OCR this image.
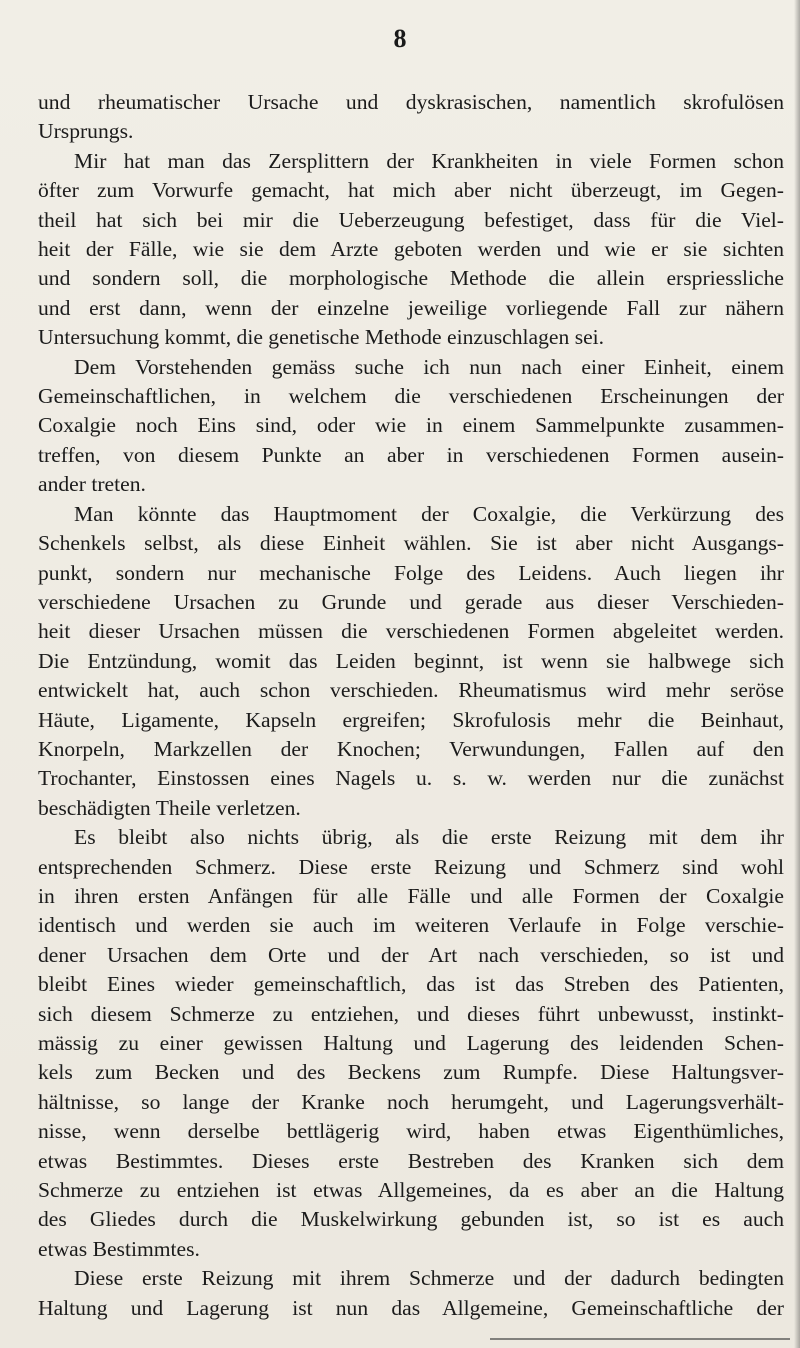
8
und rheumatischer Ursache und dyskrasischen, namentlich skrofulösen
Ursprungs.
Mir hat man das Zersplittern der Krankheiten in viele Formen schon
öfter zum Vorwurfe gemacht, hat mich aber nicht überzeugt, im Gegen-
theil hat sich bei mir die Ueberzeugung befestiget, dass für die Viel-
heit der Fälle, wie sie dem Arzte geboten werden und wie er sie sichten
und sondern soll, die morphologische Methode die allein erspriessliche
und erst dann, wenn der einzelne jeweilige vorliegende Fall zur nähern
Untersuchung kommt, die genetische Methode einzuschlagen sei.
Dem Vorstehenden gemäss suche ich nun nach einer Einheit, einem
Gemeinschaftlichen, in welchem die verschiedenen Erscheinungen der
Coxalgie noch Eins sind, oder wie in einem Sammelpunkte zusammen-
treffen, von diesem Punkte an aber in verschiedenen Formen ausein-
ander treten.
Man könnte das Hauptmoment der Coxalgie, die Verkürzung des
Schenkels selbst, als diese Einheit wählen. Sie ist aber nicht Ausgangs-
punkt, sondern nur mechanische Folge des Leidens. Auch liegen ihr
verschiedene Ursachen zu Grunde und gerade aus dieser Verschieden-
heit dieser Ursachen müssen die verschiedenen Formen abgeleitet werden.
Die Entzündung, womit das Leiden beginnt, ist wenn sie halbwege sich
entwickelt hat, auch schon verschieden. Rheumatismus wird mehr seröse
Häute, Ligamente, Kapseln ergreifen; Skrofulosis mehr die Beinhaut,
Knorpeln, Markzellen der Knochen; Verwundungen, Fallen auf den
Trochanter, Einstossen eines Nagels u. s. w. werden nur die zunächst
beschädigten Theile verletzen.
Es bleibt also nichts übrig, als die erste Reizung mit dem ihr
entsprechenden Schmerz. Diese erste Reizung und Schmerz sind wohl
in ihren ersten Anfängen für alle Fälle und alle Formen der Coxalgie
identisch und werden sie auch im weiteren Verlaufe in Folge verschie-
dener Ursachen dem Orte und der Art nach verschieden, so ist und
bleibt Eines wieder gemeinschaftlich, das ist das Streben des Patienten,
sich diesem Schmerze zu entziehen, und dieses führt unbewusst, instinkt-
mässig zu einer gewissen Haltung und Lagerung des leidenden Schen-
kels zum Becken und des Beckens zum Rumpfe. Diese Haltungsver-
hältnisse, so lange der Kranke noch herumgeht, und Lagerungsverhält-
nisse, wenn derselbe bettlägerig wird, haben etwas Eigenthümliches,
etwas Bestimmtes. Dieses erste Bestreben des Kranken sich dem
Schmerze zu entziehen ist etwas Allgemeines, da es aber an die Haltung
des Gliedes durch die Muskelwirkung gebunden ist, so ist es auch
etwas Bestimmtes.
Diese erste Reizung mit ihrem Schmerze und der dadurch bedingten
Haltung und Lagerung ist nun das Allgemeine, Gemeinschaftliche der
